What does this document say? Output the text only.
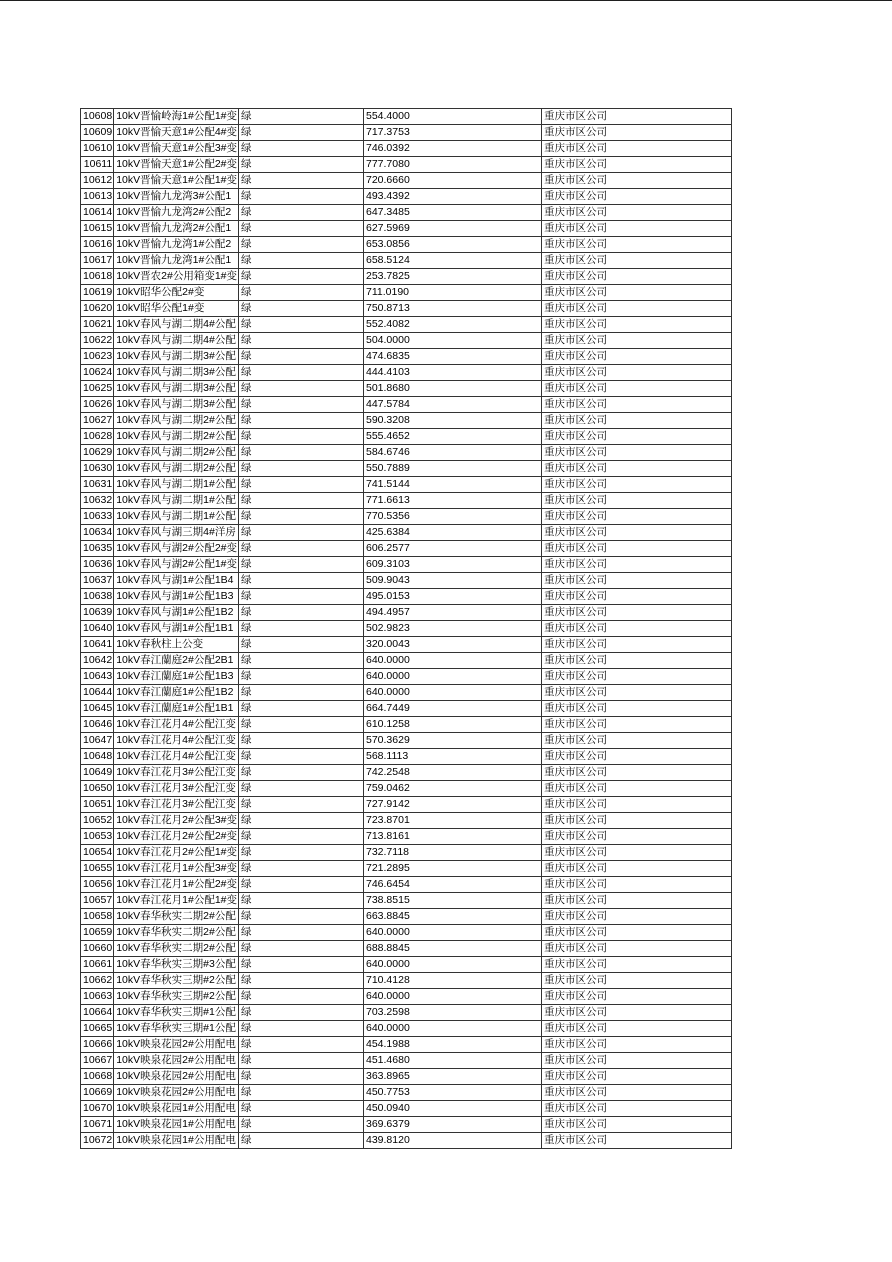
10608	10kV晋愉岭海1#公配1#变	绿	554.4000	重庆市区公司
10609	10kV晋愉天意1#公配4#变	绿	717.3753	重庆市区公司
10610	10kV晋愉天意1#公配3#变	绿	746.0392	重庆市区公司
10611	10kV晋愉天意1#公配2#变	绿	777.7080	重庆市区公司
10612	10kV晋愉天意1#公配1#变	绿	720.6660	重庆市区公司
10613	10kV晋愉九龙湾3#公配1	绿	493.4392	重庆市区公司
10614	10kV晋愉九龙湾2#公配2	绿	647.3485	重庆市区公司
10615	10kV晋愉九龙湾2#公配1	绿	627.5969	重庆市区公司
10616	10kV晋愉九龙湾1#公配2	绿	653.0856	重庆市区公司
10617	10kV晋愉九龙湾1#公配1	绿	658.5124	重庆市区公司
10618	10kV晋农2#公用箱变1#变	绿	253.7825	重庆市区公司
10619	10kV昭华公配2#变	绿	711.0190	重庆市区公司
10620	10kV昭华公配1#变	绿	750.8713	重庆市区公司
10621	10kV春风与湖二期4#公配	绿	552.4082	重庆市区公司
10622	10kV春风与湖二期4#公配	绿	504.0000	重庆市区公司
10623	10kV春风与湖二期3#公配	绿	474.6835	重庆市区公司
10624	10kV春风与湖二期3#公配	绿	444.4103	重庆市区公司
10625	10kV春风与湖二期3#公配	绿	501.8680	重庆市区公司
10626	10kV春风与湖二期3#公配	绿	447.5784	重庆市区公司
10627	10kV春风与湖二期2#公配	绿	590.3208	重庆市区公司
10628	10kV春风与湖二期2#公配	绿	555.4652	重庆市区公司
10629	10kV春风与湖二期2#公配	绿	584.6746	重庆市区公司
10630	10kV春风与湖二期2#公配	绿	550.7889	重庆市区公司
10631	10kV春风与湖二期1#公配	绿	741.5144	重庆市区公司
10632	10kV春风与湖二期1#公配	绿	771.6613	重庆市区公司
10633	10kV春风与湖二期1#公配	绿	770.5356	重庆市区公司
10634	10kV春风与湖三期4#洋房	绿	425.6384	重庆市区公司
10635	10kV春风与湖2#公配2#变	绿	606.2577	重庆市区公司
10636	10kV春风与湖2#公配1#变	绿	609.3103	重庆市区公司
10637	10kV春风与湖1#公配1B4	绿	509.9043	重庆市区公司
10638	10kV春风与湖1#公配1B3	绿	495.0153	重庆市区公司
10639	10kV春风与湖1#公配1B2	绿	494.4957	重庆市区公司
10640	10kV春风与湖1#公配1B1	绿	502.9823	重庆市区公司
10641	10kV春秋柱上公变	绿	320.0043	重庆市区公司
10642	10kV春江蘭庭2#公配2B1	绿	640.0000	重庆市区公司
10643	10kV春江蘭庭1#公配1B3	绿	640.0000	重庆市区公司
10644	10kV春江蘭庭1#公配1B2	绿	640.0000	重庆市区公司
10645	10kV春江蘭庭1#公配1B1	绿	664.7449	重庆市区公司
10646	10kV春江花月4#公配江变	绿	610.1258	重庆市区公司
10647	10kV春江花月4#公配江变	绿	570.3629	重庆市区公司
10648	10kV春江花月4#公配江变	绿	568.1113	重庆市区公司
10649	10kV春江花月3#公配江变	绿	742.2548	重庆市区公司
10650	10kV春江花月3#公配江变	绿	759.0462	重庆市区公司
10651	10kV春江花月3#公配江变	绿	727.9142	重庆市区公司
10652	10kV春江花月2#公配3#变	绿	723.8701	重庆市区公司
10653	10kV春江花月2#公配2#变	绿	713.8161	重庆市区公司
10654	10kV春江花月2#公配1#变	绿	732.7118	重庆市区公司
10655	10kV春江花月1#公配3#变	绿	721.2895	重庆市区公司
10656	10kV春江花月1#公配2#变	绿	746.6454	重庆市区公司
10657	10kV春江花月1#公配1#变	绿	738.8515	重庆市区公司
10658	10kV春华秋实二期2#公配	绿	663.8845	重庆市区公司
10659	10kV春华秋实二期2#公配	绿	640.0000	重庆市区公司
10660	10kV春华秋实二期2#公配	绿	688.8845	重庆市区公司
10661	10kV春华秋实三期#3公配	绿	640.0000	重庆市区公司
10662	10kV春华秋实三期#2公配	绿	710.4128	重庆市区公司
10663	10kV春华秋实三期#2公配	绿	640.0000	重庆市区公司
10664	10kV春华秋实三期#1公配	绿	703.2598	重庆市区公司
10665	10kV春华秋实三期#1公配	绿	640.0000	重庆市区公司
10666	10kV映泉花园2#公用配电	绿	454.1988	重庆市区公司
10667	10kV映泉花园2#公用配电	绿	451.4680	重庆市区公司
10668	10kV映泉花园2#公用配电	绿	363.8965	重庆市区公司
10669	10kV映泉花园2#公用配电	绿	450.7753	重庆市区公司
10670	10kV映泉花园1#公用配电	绿	450.0940	重庆市区公司
10671	10kV映泉花园1#公用配电	绿	369.6379	重庆市区公司
10672	10kV映泉花园1#公用配电	绿	439.8120	重庆市区公司
